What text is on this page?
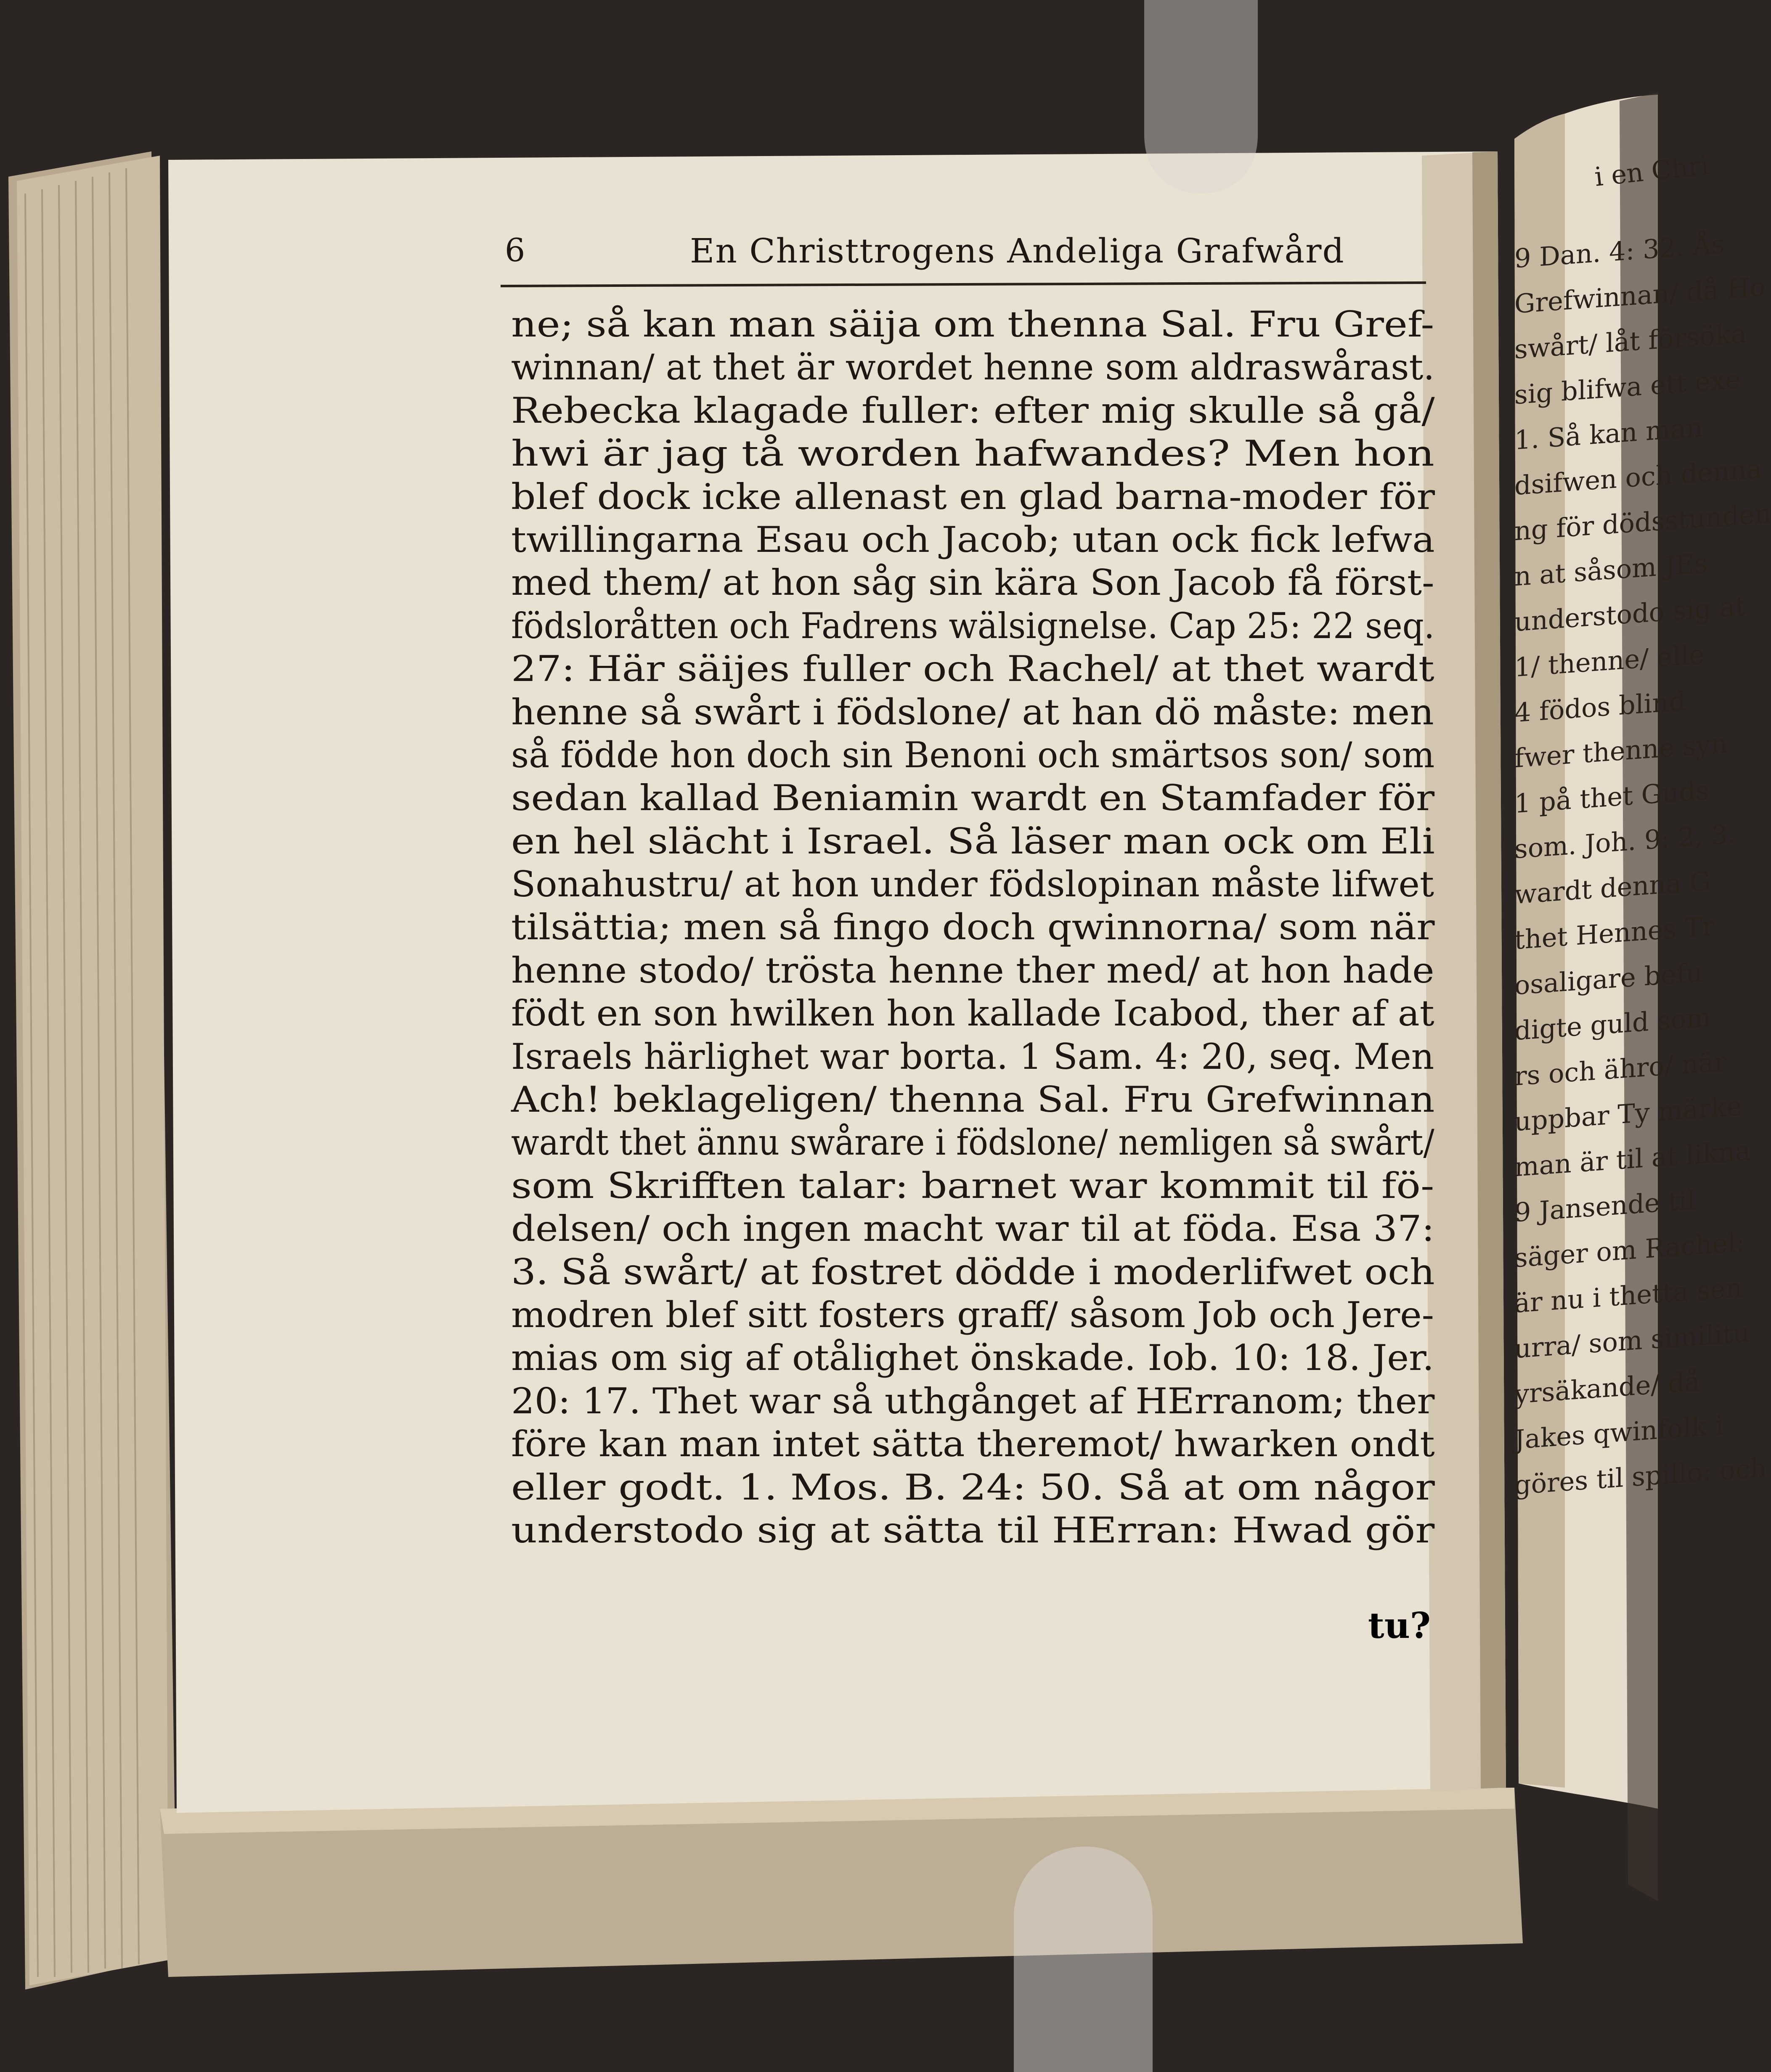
6	En Christtrogens Andeliga Grafwård
ne; så kan man säija om thenna Sal. Fru Gref-
winnan/ at thet är wordet henne som aldraswårast.
Rebecka klagade fuller: efter mig skulle så gå/
hwi är jag tå worden hafwandes? Men hon
blef dock icke allenast en glad barna-moder för
twillingarna Esau och Jacob; utan ock fick lefwa
med them/ at hon såg sin kära Son Jacob få först-
födsloråtten och Fadrens wälsignelse. Cap 25: 22 seq.
27: Här säijes fuller och Rachel/ at thet wardt
henne så swårt i födslone/ at han dö måste: men
så födde hon doch sin Benoni och smärtsos son/ som
sedan kallad Beniamin wardt en Stamfader för
en hel slächt i Israel. Så läser man ock om Eli
Sonahustru/ at hon under födslopinan måste lifwet
tilsättia; men så fingo doch qwinnorna/ som när
henne stodo/ trösta henne ther med/ at hon hade
födt en son hwilken hon kallade Icabod, ther af at
Israels härlighet war borta. 1 Sam. 4: 20, seq. Men
Ach! beklageligen/ thenna Sal. Fru Grefwinnan
wardt thet ännu swårare i födslone/ nemligen så swårt/
som Skrifften talar: barnet war kommit til fö-
delsen/ och ingen macht war til at föda. Esa 37:
3. Så swårt/ at fostret dödde i moderlifwet och
modren blef sitt fosters graff/ såsom Job och Jere-
mias om sig af otålighet önskade. Iob. 10: 18. Jer.
20: 17. Thet war så uthgånget af HErranom; ther
före kan man intet sätta theremot/ hwarken ondt
eller godt. 1. Mos. B. 24: 50. Så at om någor
understodo sig at sätta til HErran: Hwad gör
tu?
i en Chri
9 Dan. 4: 32. Ås
Grefwinnan/ då Ho
swårt/ låt försöka
sig blifwa ett exe
1. Så kan man
dsifwen och denna
ng för dödsstunden
n at såsom JEs
understodo sig at
1/ thenne/ elle
4 födos blind
fwer thenne syn
1 på thet Guds
som. Joh. 9: 2, 3.
wardt denna G
thet Hennes Tr
osaligare befu
digte guld som
rs och ähro/ när
uppbar Ty märke
man är til at likna
9 Jansende til
säger om Rachel:
är nu i thetta sen
urra/ som similitu
yrsäkande/ då
Jakes qwinfolk i
göres til spillo: och
